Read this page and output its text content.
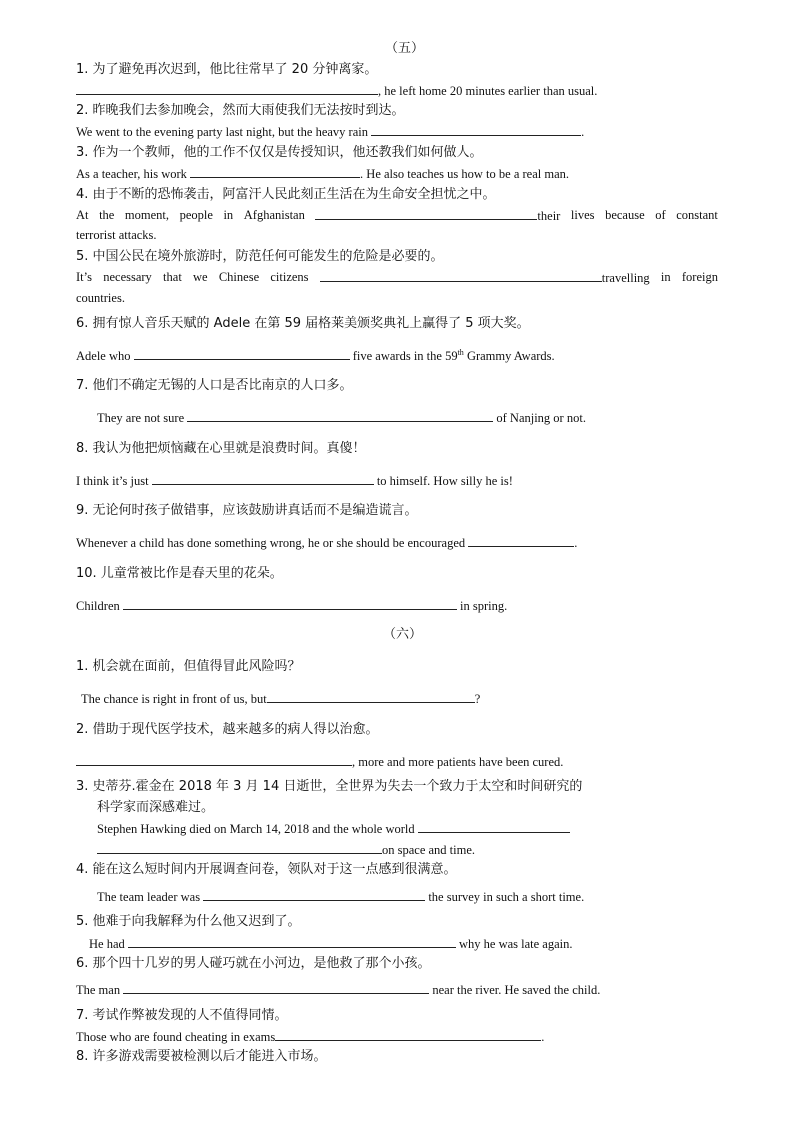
（五）
1. 为了避免再次迟到，他比往常早了 20 分钟离家。
, he left home 20 minutes earlier than usual.
2. 昨晚我们去参加晚会，然而大雨使我们无法按时到达。
We went to the evening party last night, but the heavy rain	.
3. 作为一个教师，他的工作不仅仅是传授知识，他还教我们如何做人。
As a teacher, his work	. He also teaches us how to be a real man.
4. 由于不断的恐怖袭击，阿富汗人民此刻正生活在为生命安全担忧之中。
At the moment, people in Afghanistan	their lives because of constant
terrorist attacks.
5. 中国公民在境外旅游时，防范任何可能发生的危险是必要的。
It’s necessary that we Chinese citizens	travelling in foreign
countries.
6. 拥有惊人音乐天赋的 Adele 在第 59 届格莱美颁奖典礼上赢得了 5 项大奖。
Adele who	five awards in the 59th Grammy Awards.
7. 他们不确定无锡的人口是否比南京的人口多。
They are not sure	of Nanjing or not.
8. 我认为他把烦恼藏在心里就是浪费时间。真傻！
I think it’s just	to himself. How silly he is!
9. 无论何时孩子做错事，应该鼓励讲真话而不是编造谎言。
Whenever a child has done something wrong, he or she should be encouraged	.
10. 儿童常被比作是春天里的花朵。
Children	in spring.
（六）
1. 机会就在面前，但值得冒此风险吗？
The chance is right in front of us, but	?
2. 借助于现代医学技术，越来越多的病人得以治愈。
, more and more patients have been cured.
3. 史蒂芬.霍金在 2018 年 3 月 14 日逝世，全世界为失去一个致力于太空和时间研究的
科学家而深感难过。
Stephen Hawking died on March 14, 2018 and the whole world
on space and time.
4. 能在这么短时间内开展调查问卷，领队对于这一点感到很满意。
The team leader was	the survey in such a short time.
5. 他难于向我解释为什么他又迟到了。
He had	why he was late again.
6. 那个四十几岁的男人碰巧就在小河边，是他救了那个小孩。
The man	near the river. He saved the child.
7. 考试作弊被发现的人不值得同情。
Those who are found cheating in exams	.
8. 许多游戏需要被检测以后才能进入市场。
